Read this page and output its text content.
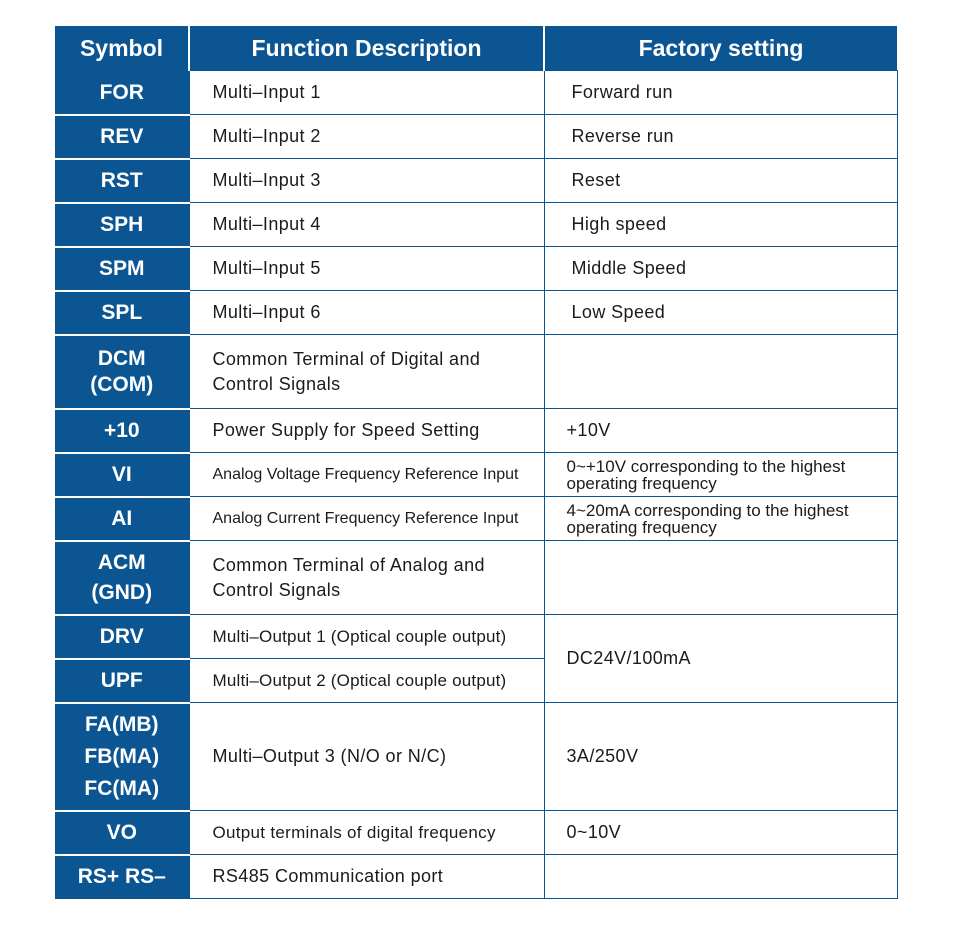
Symbol	Function Description	Factory setting

FOR	Multi–Input 1	Forward run

REV	Multi–Input 2	Reverse run

RST	Multi–Input 3	Reset

SPH	Multi–Input 4	High speed

SPM	Multi–Input 5	Middle Speed

SPL	Multi–Input 6	Low Speed

DCM
(COM)	Common Terminal of Digital and
Control Signals	

+10	Power Supply for Speed Setting	+10V

VI	Analog Voltage Frequency Reference Input	0~+10V corresponding to the highest
operating frequency

AI	Analog Current Frequency Reference Input	4~20mA corresponding to the highest
operating frequency

ACM
(GND)	Common Terminal of Analog and
Control Signals	

DRV	Multi–Output 1 (Optical couple output)	DC24V/100mA

UPF	Multi–Output 2 (Optical couple output)	

FA(MB)
FB(MA)
FC(MA)	Multi–Output 3 (N/O or N/C)	3A/250V

VO	Output terminals of digital frequency	0~10V

RS+ RS–	RS485 Communication port	
